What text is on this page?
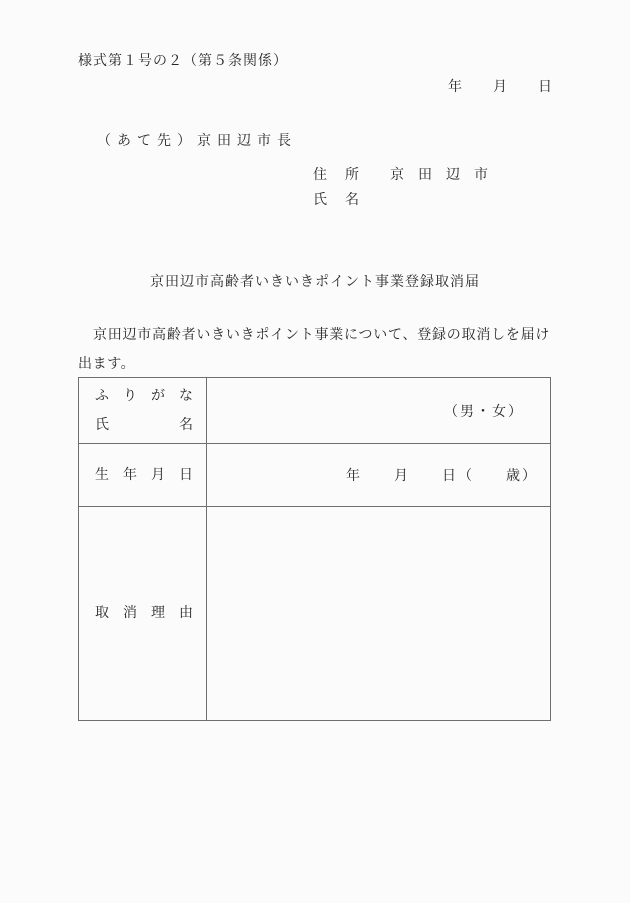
様式第１号の２（第５条関係）
年　　月　　日
（あて先）京田辺市長
住　所 京田辺市
氏　名
京田辺市高齢者いきいきポイント事業登録取消届
京田辺市高齢者いきいきポイント事業について、登録の取消しを届け出ます。
ふ　り　が　な
氏　　　　　名
（男・女）
生　年　月　日	年　　月　　日（　　歳）
取　消　理　由
